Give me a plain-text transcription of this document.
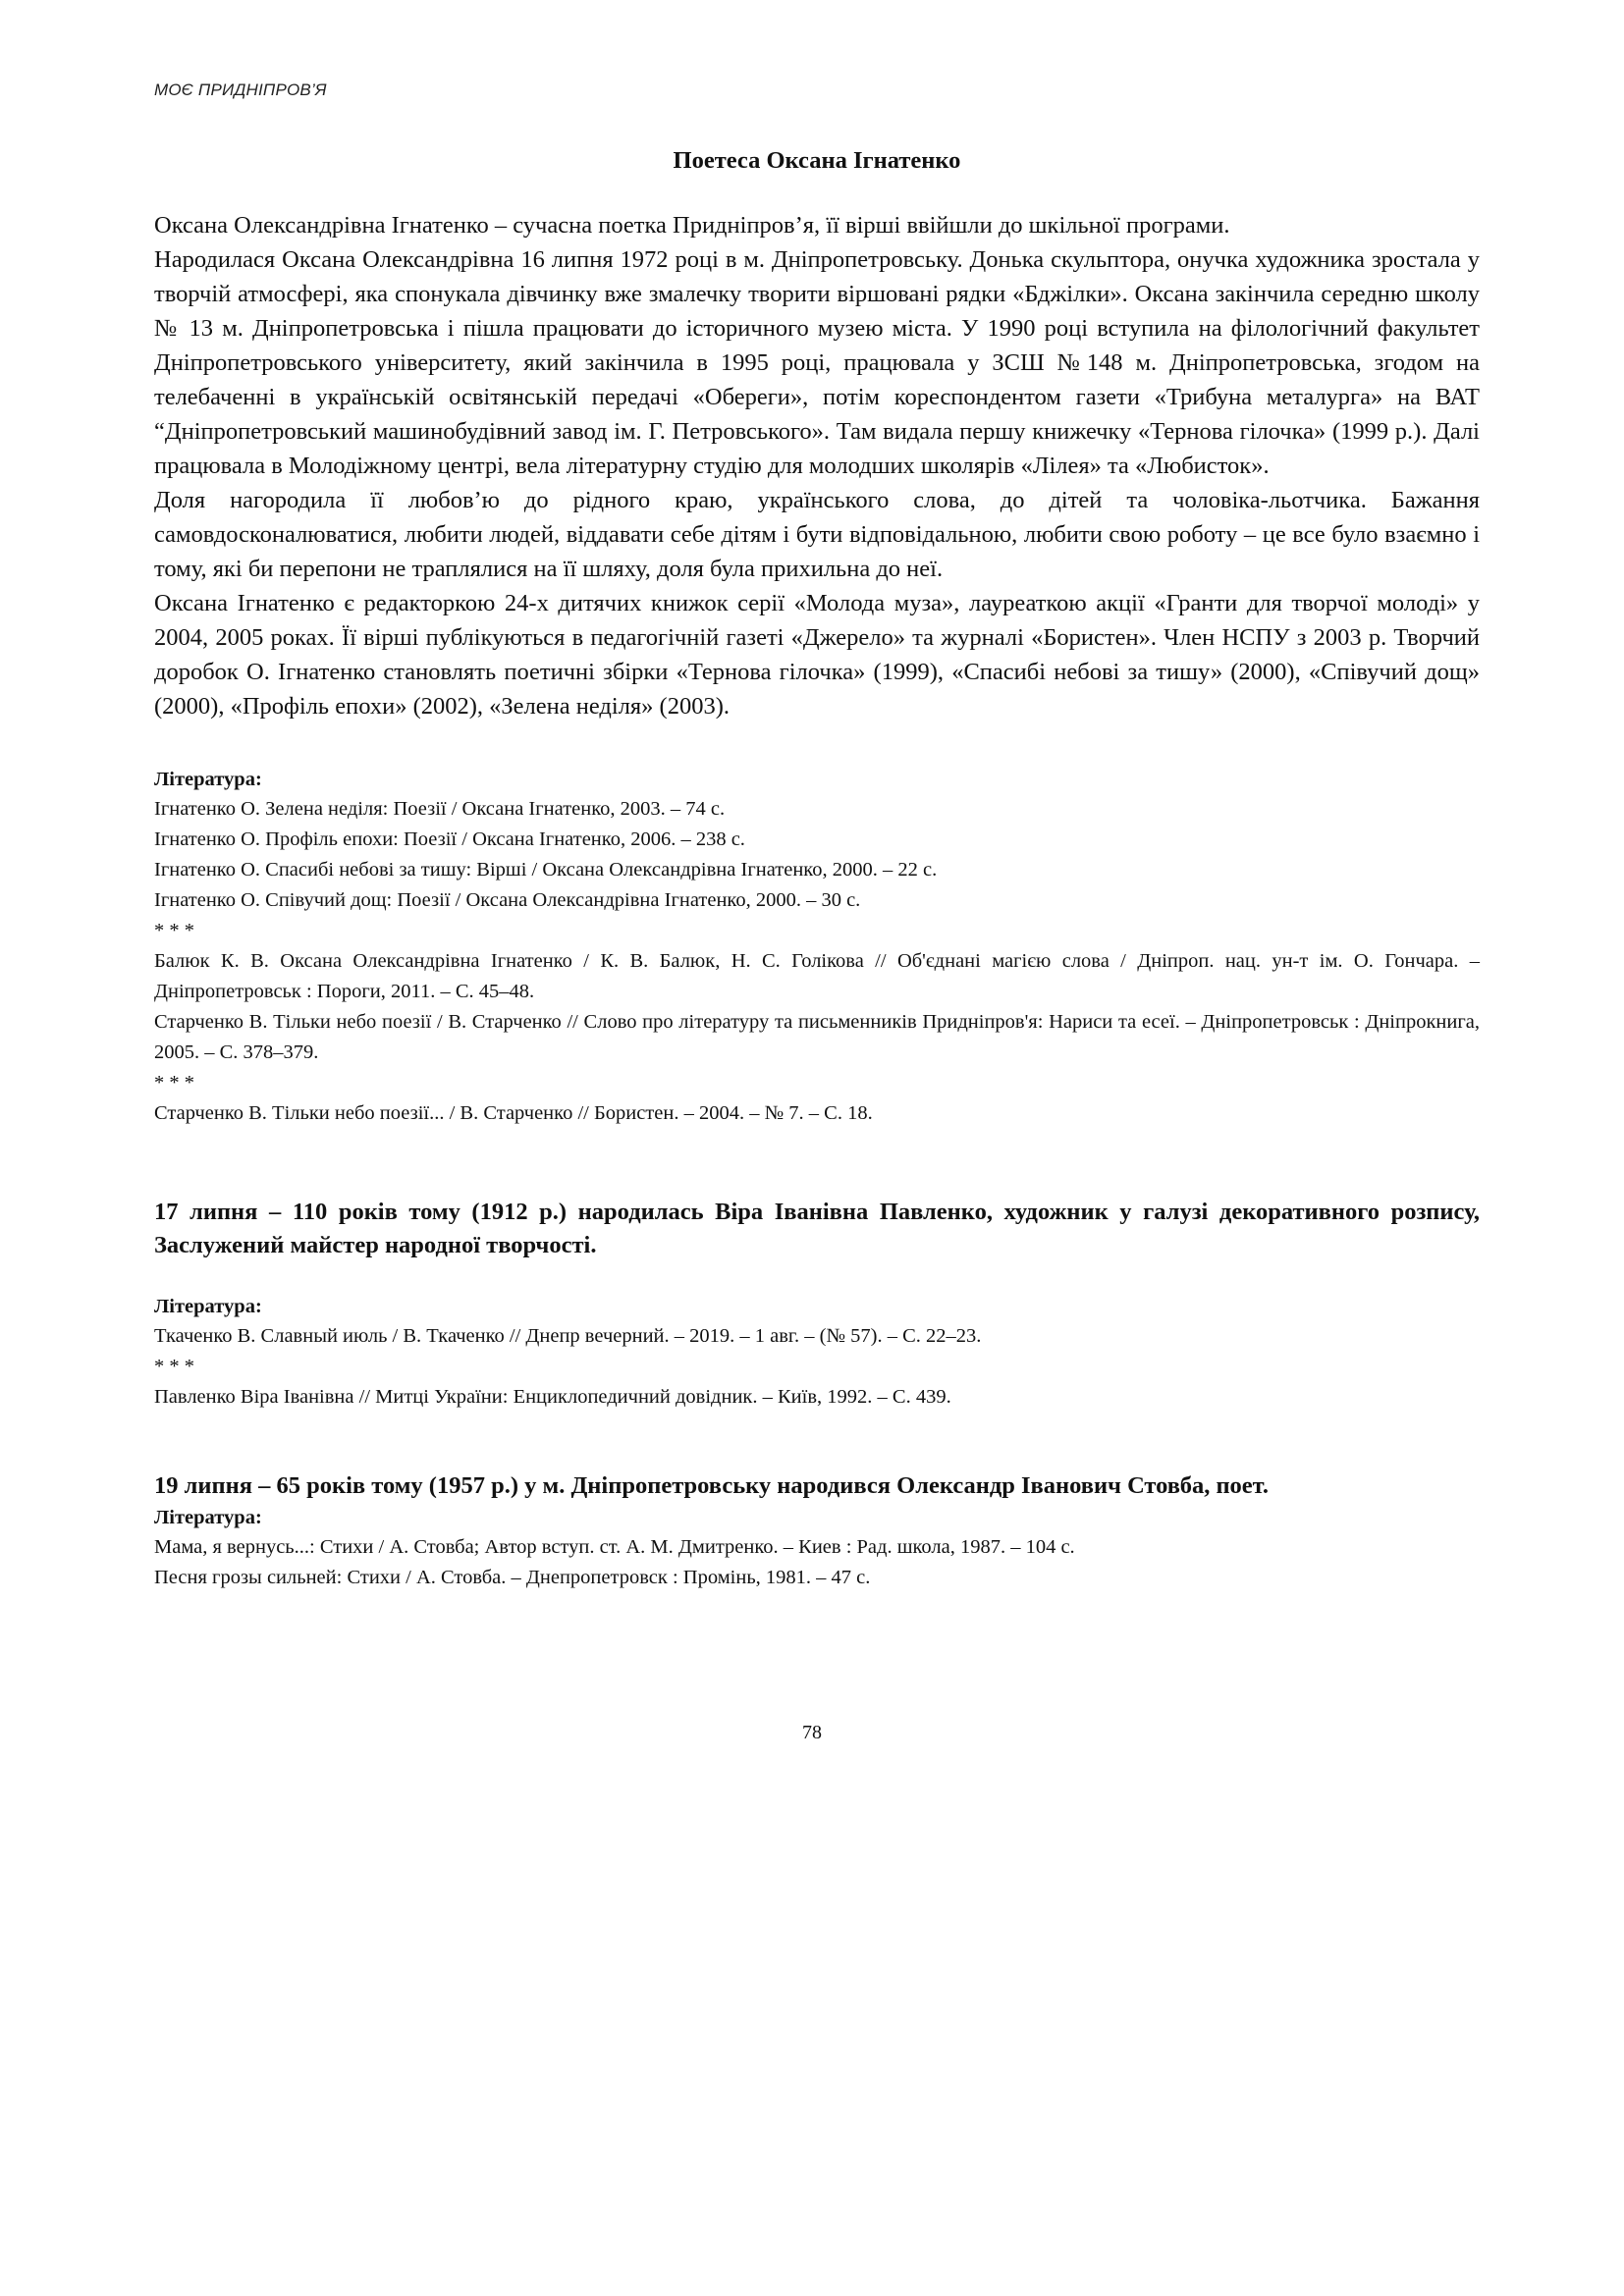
МОЄ ПРИДНІПРОВ’Я
Поетеса Оксана Ігнатенко

Оксана Олександрівна Ігнатенко – сучасна поетка Придніпров’я, її вірші ввійшли до шкільної програми.

Народилася Оксана Олександрівна 16 липня 1972 році в м. Дніпропетровську. Донька скульптора, онучка художника зростала у творчій атмосфері, яка спонукала дівчинку вже змалечку творити віршовані рядки «Бджілки». Оксана закінчила середню школу № 13 м. Дніпропетровська і пішла працювати до історичного музею міста. У 1990 році вступила на філологічний факультет Дніпропетровського університету, який закінчила в 1995 році, працювала у ЗСШ №148 м. Дніпропетровська, згодом на телебаченні в українській освітянській передачі «Обереги», потім кореспондентом газети «Трибуна металурга» на ВАТ “Дніпропетровський машинобудівний завод ім. Г. Петровського». Там видала першу книжечку «Тернова гілочка» (1999 р.). Далі працювала в Молодіжному центрі, вела літературну студію для молодших школярів «Лілея» та «Любисток».

Доля нагородила її любов’ю до рідного краю, українського слова, до дітей та чоловіка-льотчика. Бажання самовдосконалюватися, любити людей, віддавати себе дітям і бути відповідальною, любити свою роботу – це все було взаємно і тому, які би перепони не траплялися на її шляху, доля була прихильна до неї.

Оксана Ігнатенко є редакторкою 24-х дитячих книжок серії «Молода муза», лауреаткою акції «Гранти для творчої молоді» у 2004, 2005 роках. Її вірші публікуються в педагогічній газеті «Джерело» та журналі «Бористен». Член НСПУ з 2003 р. Творчий доробок О. Ігнатенко становлять поетичні збірки «Тернова гілочка» (1999), «Спасибі небові за тишу» (2000), «Співучий дощ» (2000), «Профіль епохи» (2002), «Зелена неділя» (2003).

Література:

Ігнатенко О. Зелена неділя: Поезії / Оксана Ігнатенко, 2003. – 74 с.
Ігнатенко О. Профіль епохи: Поезії / Оксана Ігнатенко, 2006. – 238 с.
Ігнатенко О. Спасибі небові за тишу: Вірші / Оксана Олександрівна Ігнатенко, 2000. – 22 с.
Ігнатенко О. Співучий дощ: Поезії / Оксана Олександрівна Ігнатенко, 2000. – 30 с.
* * *
Балюк К. В. Оксана Олександрівна Ігнатенко / К. В. Балюк, Н. С. Голікова // Об'єднані магією слова / Дніпроп. нац. ун-т ім. О. Гончара. – Дніпропетровськ : Пороги, 2011. – С. 45–48.
Старченко В. Тільки небо поезії / В. Старченко // Слово про літературу та письменників Придніпров'я: Нариси та есеї. – Дніпропетровськ : Дніпрокнига, 2005. – С. 378–379.
* * *
Старченко В. Тільки небо поезії... / В. Старченко // Бористен. – 2004. – № 7. – С. 18.

17 липня – 110 років тому (1912 р.) народилась Віра Іванівна Павленко, художник у галузі декоративного розпису, Заслужений майстер народної творчості.

Література:

Ткаченко В. Славный июль / В. Ткаченко // Днепр вечерний. – 2019. – 1 авг. – (№ 57). – С. 22–23.
* * *
Павленко Віра Іванівна // Митці України: Енциклопедичний довідник. – Київ, 1992. – С. 439.

19 липня – 65 років тому (1957 р.) у м. Дніпропетровську народився Олександр Іванович Стовба, поет.

Література:

Мама, я вернусь...: Стихи / А. Стовба; Автор вступ. ст. А. М. Дмитренко. – Киев : Рад. школа, 1987. – 104 с.
Песня грозы сильней: Стихи / А. Стовба. – Днепропетровск : Промінь, 1981. – 47 с.
78
